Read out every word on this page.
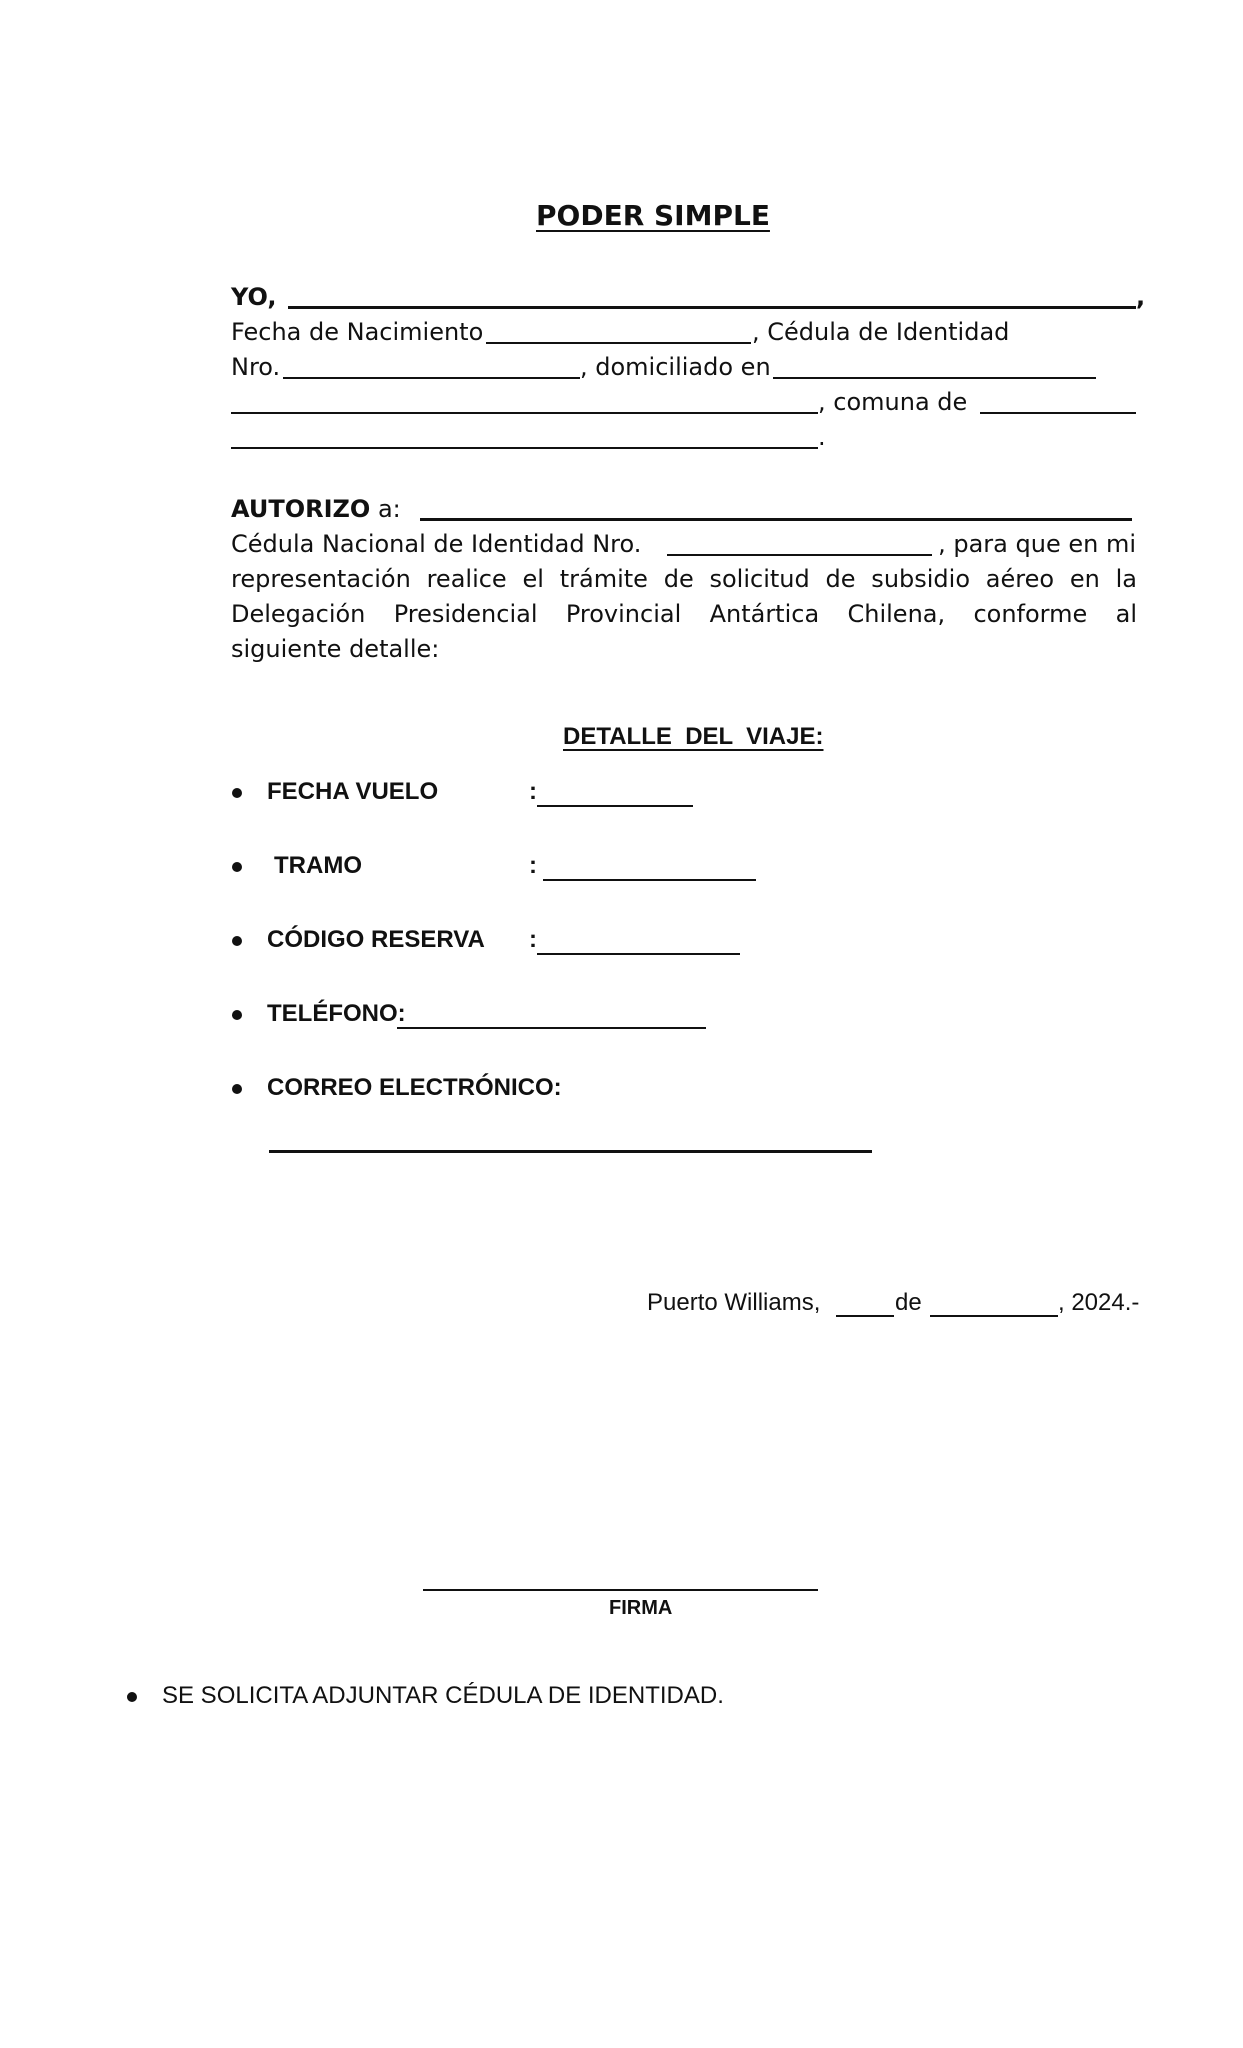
PODER SIMPLE
YO,	,
Fecha de Nacimiento	, Cédula de Identidad
Nro.	, domiciliado en
, comuna de
.
AUTORIZO a:
Cédula Nacional de Identidad Nro.	, para que en mi
representación realice el trámite de solicitud de subsidio aéreo en la
Delegación Presidencial Provincial Antártica Chilena, conforme al
siguiente detalle:
DETALLE  DEL  VIAJE:
FECHA VUELO	:
TRAMO	:
CÓDIGO RESERVA :
TELÉFONO:
CORREO ELECTRÓNICO:
Puerto Williams,	de	, 2024.-
FIRMA
SE SOLICITA ADJUNTAR CÉDULA DE IDENTIDAD.
